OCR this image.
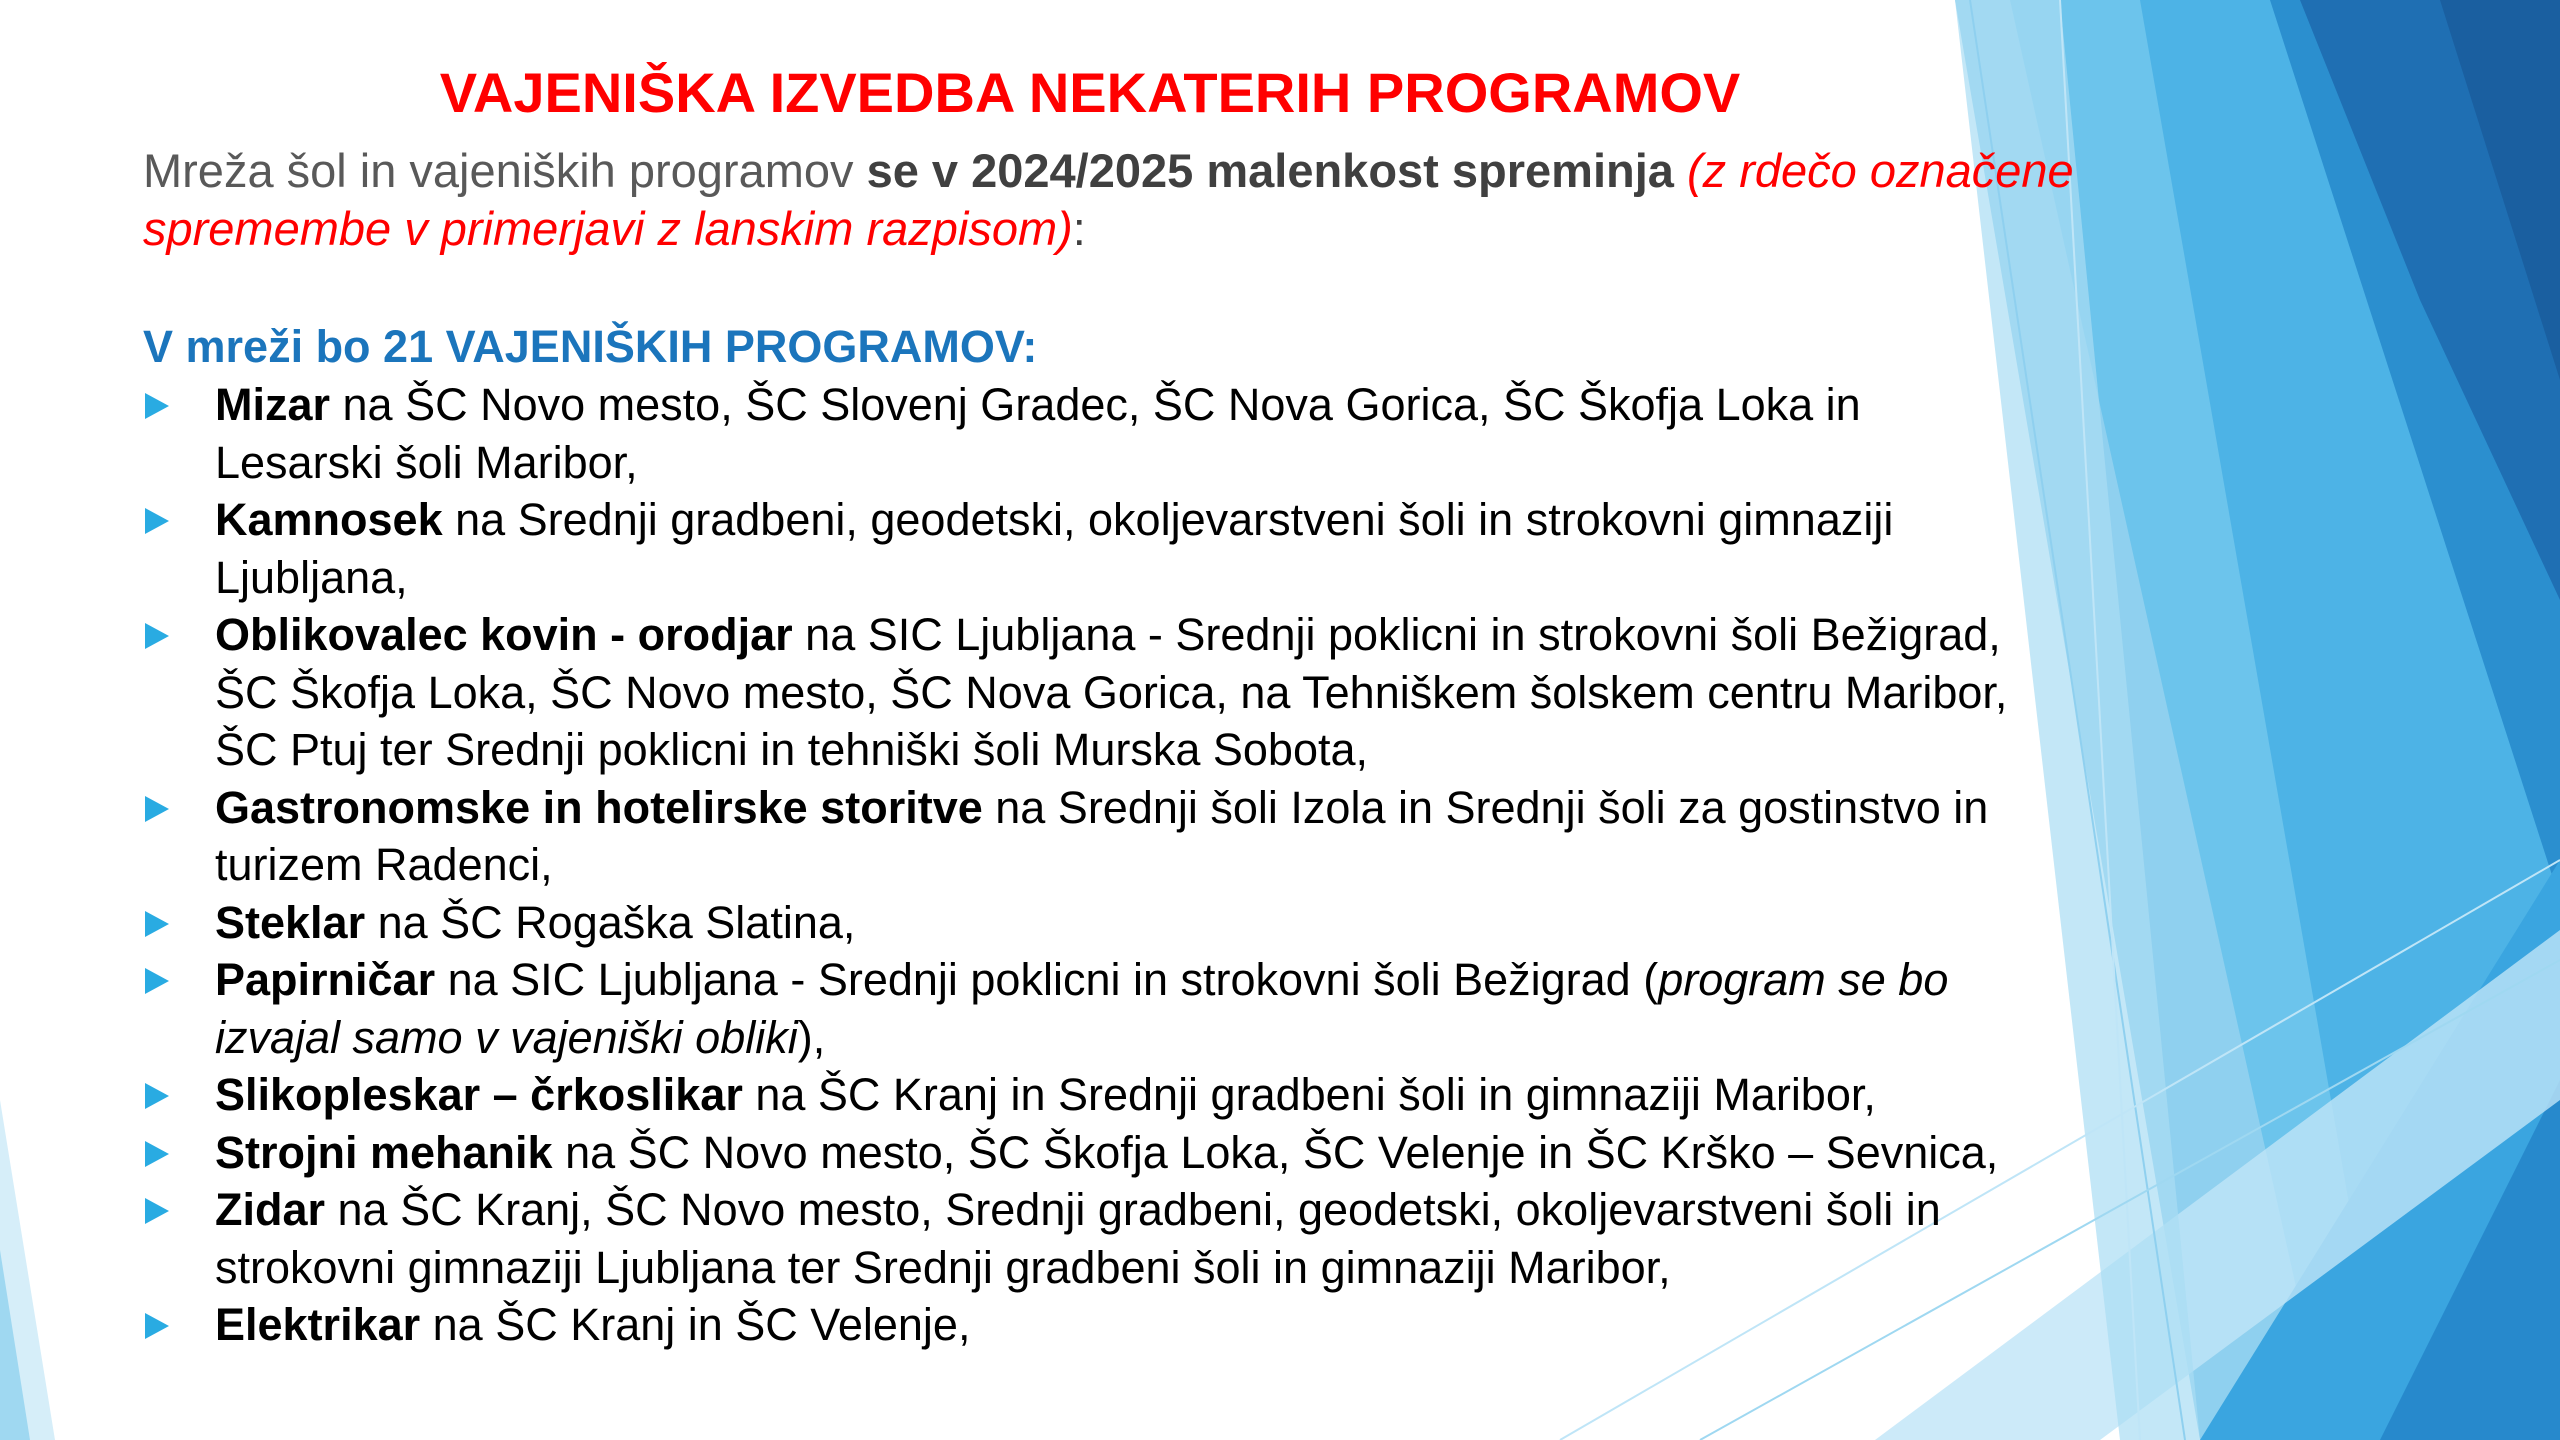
VAJENIŠKA IZVEDBA NEKATERIH PROGRAMOV

Mreža šol in vajeniških programov se v 2024/2025 malenkost spreminja (z rdečo označene spremembe v primerjavi z lanskim razpisom):

V mreži bo 21 VAJENIŠKIH PROGRAMOV:

Mizar na ŠC Novo mesto, ŠC Slovenj Gradec, ŠC Nova Gorica, ŠC Škofja Loka in Lesarski šoli Maribor,
Kamnosek na Srednji gradbeni, geodetski, okoljevarstveni šoli in strokovni gimnaziji Ljubljana,
Oblikovalec kovin - orodjar na SIC Ljubljana - Srednji poklicni in strokovni šoli Bežigrad, ŠC Škofja Loka, ŠC Novo mesto, ŠC Nova Gorica, na Tehniškem šolskem centru Maribor, ŠC Ptuj ter Srednji poklicni in tehniški šoli Murska Sobota,
Gastronomske in hotelirske storitve na Srednji šoli Izola in Srednji šoli za gostinstvo in turizem Radenci,
Steklar na ŠC Rogaška Slatina,
Papirničar na SIC Ljubljana - Srednji poklicni in strokovni šoli Bežigrad (program se bo izvajal samo v vajeniški obliki),
Slikopleskar – črkoslikar na ŠC Kranj in Srednji gradbeni šoli in gimnaziji Maribor,
Strojni mehanik na ŠC Novo mesto, ŠC Škofja Loka, ŠC Velenje in ŠC Krško – Sevnica,
Zidar na ŠC Kranj, ŠC Novo mesto, Srednji gradbeni, geodetski, okoljevarstveni šoli in strokovni gimnaziji Ljubljana ter Srednji gradbeni šoli in gimnaziji Maribor,
Elektrikar na ŠC Kranj in ŠC Velenje,
